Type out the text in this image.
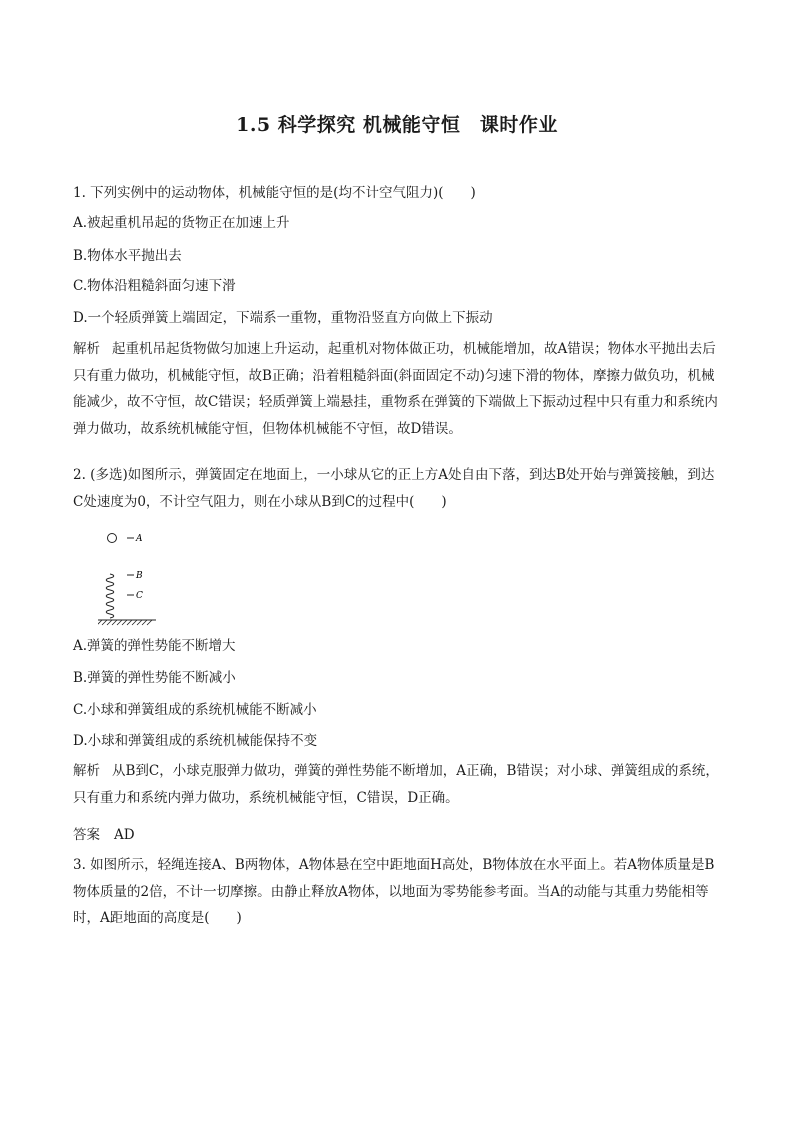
1.5 科学探究 机械能守恒　课时作业
1. 下列实例中的运动物体，机械能守恒的是(均不计空气阻力)(　　)
A.被起重机吊起的货物正在加速上升
B.物体水平抛出去
C.物体沿粗糙斜面匀速下滑
D.一个轻质弹簧上端固定，下端系一重物，重物沿竖直方向做上下振动
解析 起重机吊起货物做匀加速上升运动，起重机对物体做正功，机械能增加，故A错误；物体水平抛出去后只有重力做功，机械能守恒，故B正确；沿着粗糙斜面(斜面固定不动)匀速下滑的物体，摩擦力做负功，机械能减少，故不守恒，故C错误；轻质弹簧上端悬挂，重物系在弹簧的下端做上下振动过程中只有重力和系统内弹力做功，故系统机械能守恒，但物体机械能不守恒，故D错误。
2. (多选)如图所示，弹簧固定在地面上，一小球从它的正上方A处自由下落，到达B处开始与弹簧接触，到达C处速度为0，不计空气阻力，则在小球从B到C的过程中(　　)
A
B
C
A.弹簧的弹性势能不断增大
B.弹簧的弹性势能不断减小
C.小球和弹簧组成的系统机械能不断减小
D.小球和弹簧组成的系统机械能保持不变
解析 从B到C，小球克服弹力做功，弹簧的弹性势能不断增加，A正确，B错误；对小球、弹簧组成的系统，只有重力和系统内弹力做功，系统机械能守恒，C错误，D正确。
答案 AD
3. 如图所示，轻绳连接A、B两物体，A物体悬在空中距地面H高处，B物体放在水平面上。若A物体质量是B物体质量的2倍，不计一切摩擦。由静止释放A物体，以地面为零势能参考面。当A的动能与其重力势能相等时，A距地面的高度是(　　)
